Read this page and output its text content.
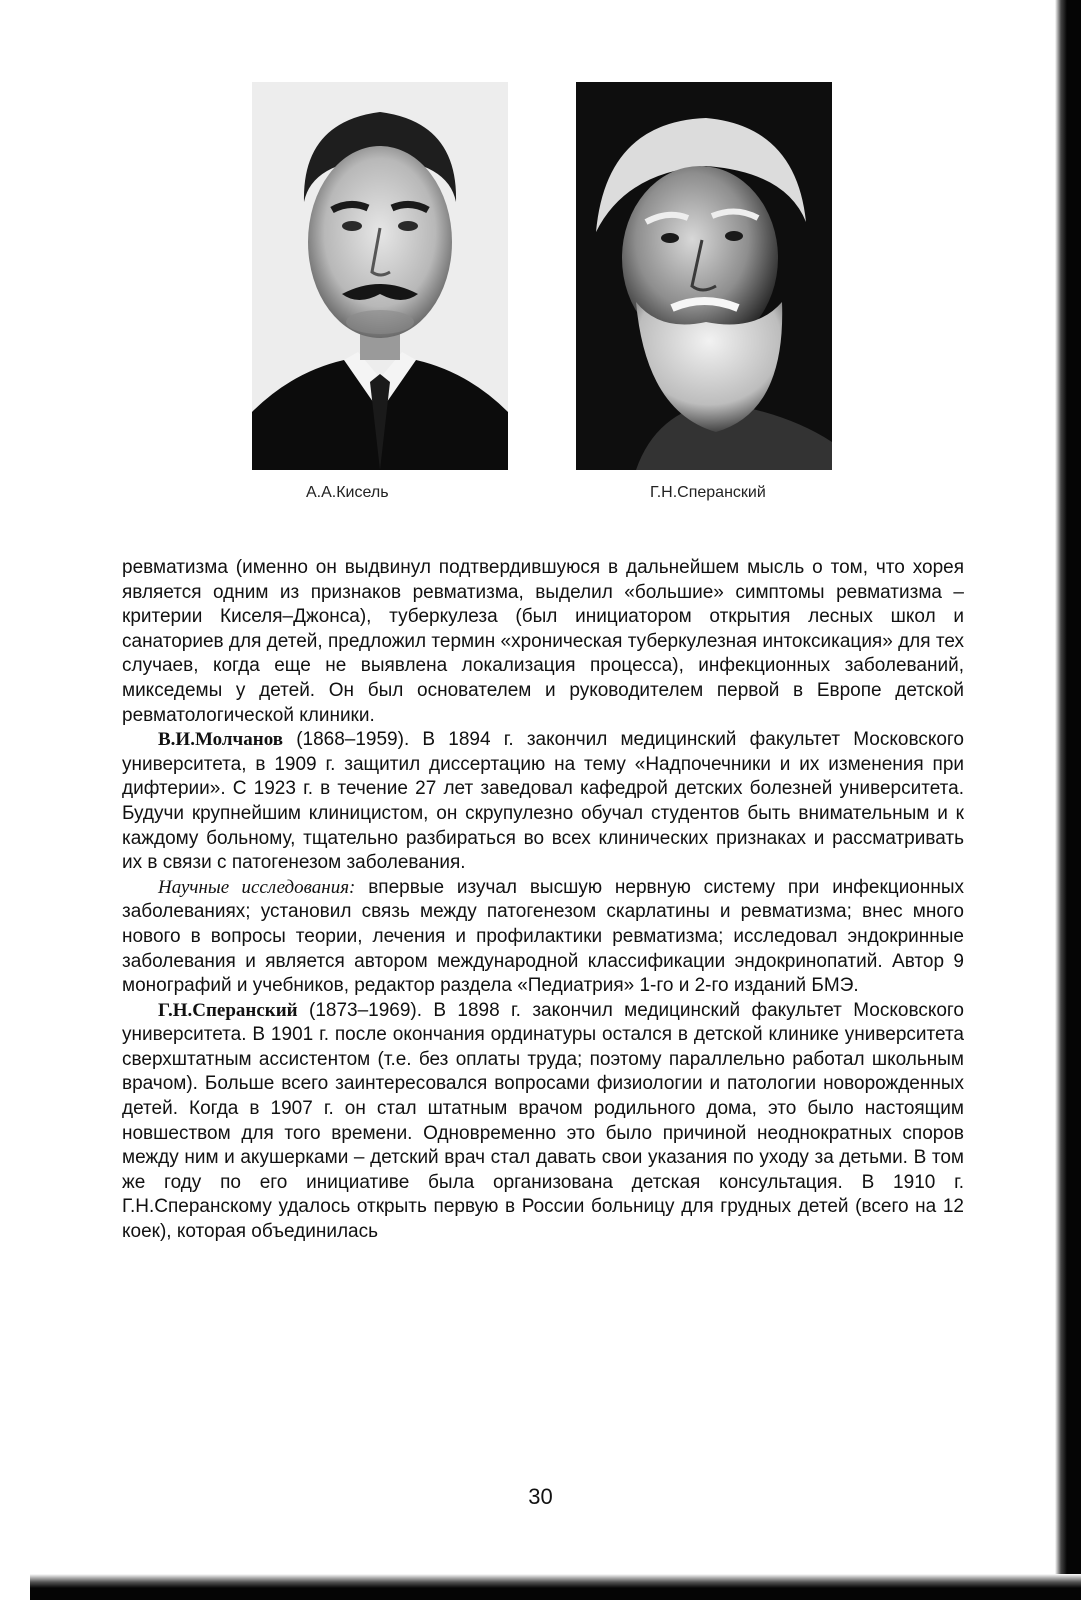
А.А.Кисель	Г.Н.Сперанский

ревматизма (именно он выдвинул подтвердившуюся в дальнейшем мысль о том, что хорея является одним из признаков ревматизма, выделил «большие» симптомы ревматизма – критерии Киселя–Джонса), туберкулеза (был инициатором открытия лесных школ и санаториев для детей, предложил термин «хроническая туберкулезная интоксикация» для тех случаев, когда еще не выявлена локализация процесса), инфекционных заболеваний, микседемы у детей. Он был основателем и руководителем первой в Европе детской ревматологической клиники.

В.И.Молчанов (1868–1959). В 1894 г. закончил медицинский факультет Московского университета, в 1909 г. защитил диссертацию на тему «Надпочечники и их изменения при дифтерии». С 1923 г. в течение 27 лет заведовал кафедрой детских болезней университета. Будучи крупнейшим клиницистом, он скрупулезно обучал студентов быть внимательным и к каждому больному, тщательно разбираться во всех клинических признаках и рассматривать их в связи с патогенезом заболевания.

Научные исследования: впервые изучал высшую нервную систему при инфекционных заболеваниях; установил связь между патогенезом скарлатины и ревматизма; внес много нового в вопросы теории, лечения и профилактики ревматизма; исследовал эндокринные заболевания и является автором международной классификации эндокринопатий. Автор 9 монографий и учебников, редактор раздела «Педиатрия» 1-го и 2-го изданий БМЭ.

Г.Н.Сперанский (1873–1969). В 1898 г. закончил медицинский факультет Московского университета. В 1901 г. после окончания ординатуры остался в детской клинике университета сверхштатным ассистентом (т.е. без оплаты труда; поэтому параллельно работал школьным врачом). Больше всего заинтересовался вопросами физиологии и патологии новорожденных детей. Когда в 1907 г. он стал штатным врачом родильного дома, это было настоящим новшеством для того времени. Одновременно это было причиной неоднократных споров между ним и акушерками – детский врач стал давать свои указания по уходу за детьми. В том же году по его инициативе была организована детская консультация. В 1910 г. Г.Н.Сперанскому удалось открыть первую в России больницу для грудных детей (всего на 12 коек), которая объединилась

30
